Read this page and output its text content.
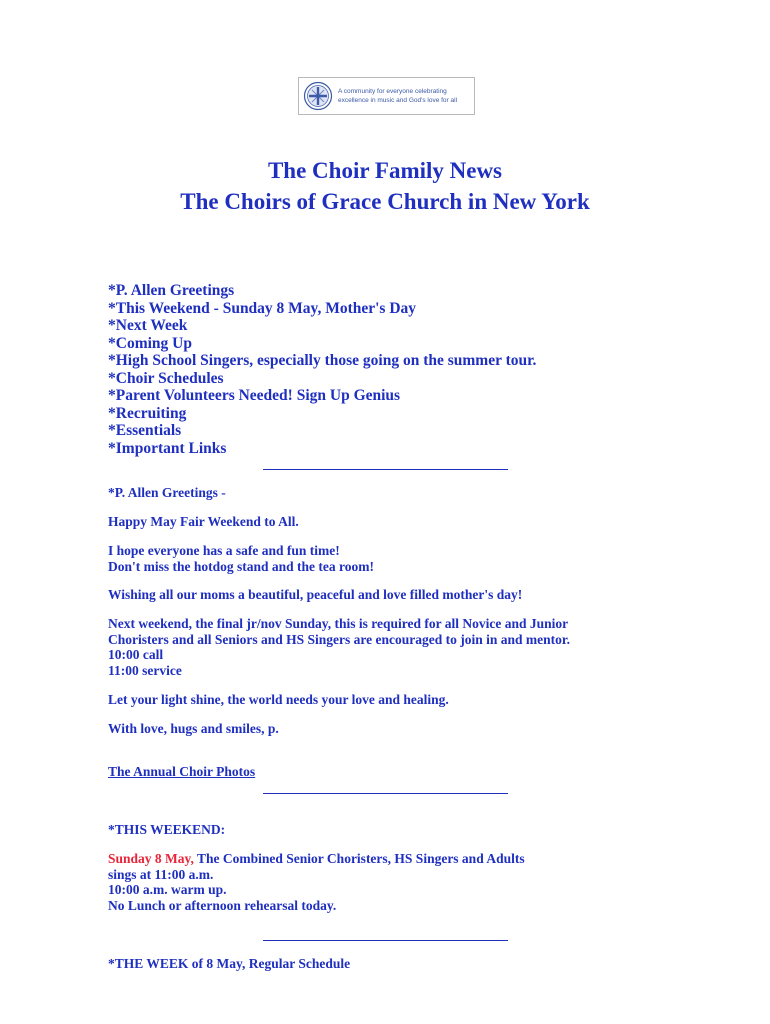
A community for everyone celebrating
excellence in music and God's love for all
The Choir Family News
The Choirs of Grace Church in New York
*P. Allen Greetings
*This Weekend - Sunday 8 May, Mother's Day
*Next Week
*Coming Up
*High School Singers, especially those going on the summer tour.
*Choir Schedules
*Parent Volunteers Needed! Sign Up Genius
*Recruiting
*Essentials
*Important Links
*P. Allen Greetings -
Happy May Fair Weekend to All.
I hope everyone has a safe and fun time!
Don't miss the hotdog stand and the tea room!
Wishing all our moms a beautiful, peaceful and love filled mother's day!
Next weekend, the final jr/nov Sunday, this is required for all Novice and Junior
Choristers and all Seniors and HS Singers are encouraged to join in and mentor.
10:00 call
11:00 service
Let your light shine, the world needs your love and healing.
With love, hugs and smiles, p.
The Annual Choir Photos
*THIS WEEKEND:
Sunday 8 May, The Combined Senior Choristers, HS Singers and Adults
sings at 11:00 a.m.
10:00 a.m. warm up.
No Lunch or afternoon rehearsal today.
*THE WEEK of 8 May, Regular Schedule
